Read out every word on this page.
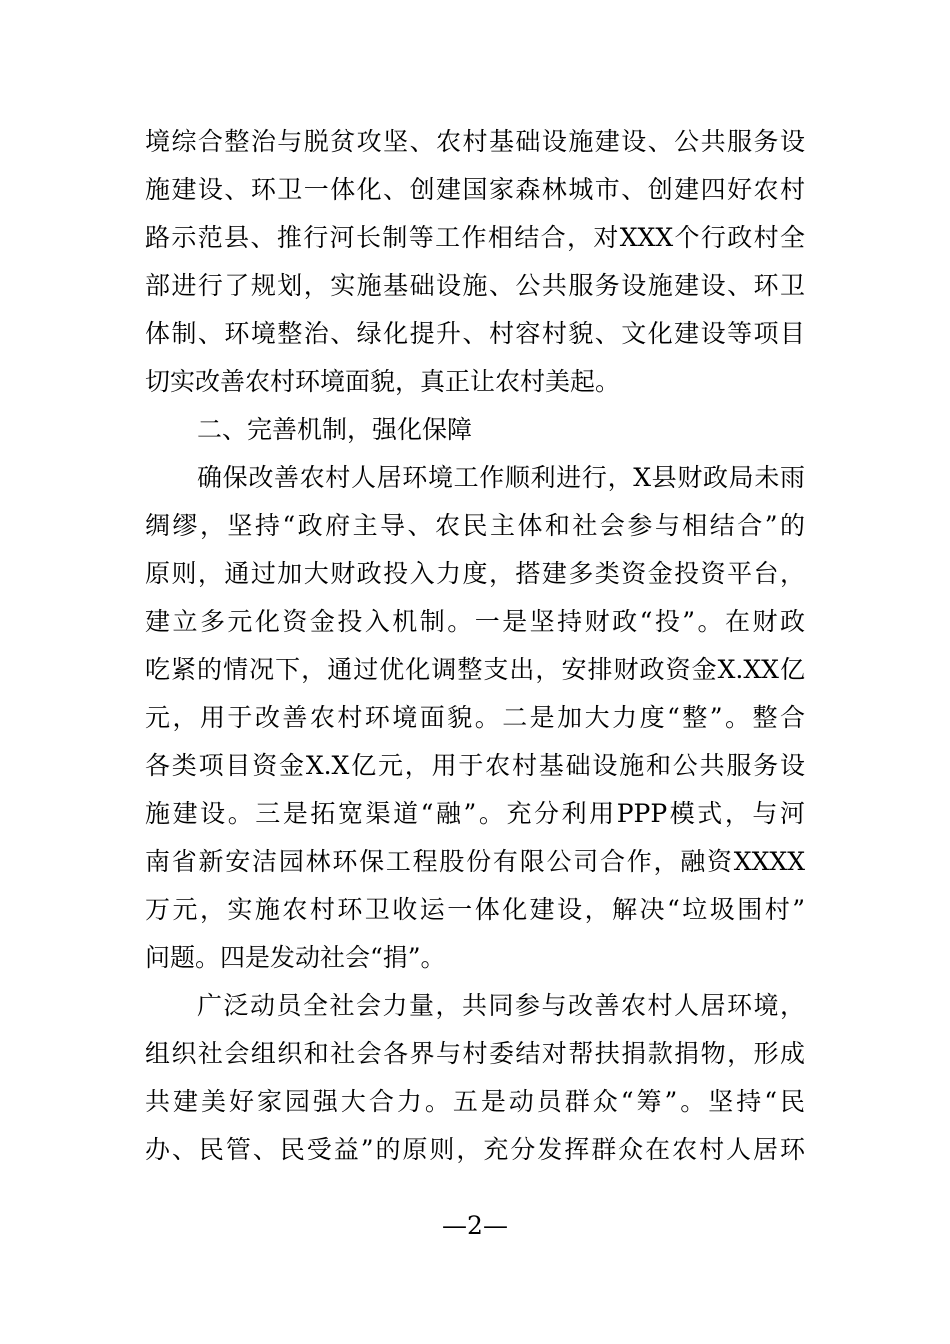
境综合整治与脱贫攻坚、农村基础设施建设、公共服务设
施建设、环卫一体化、创建国家森林城市、创建四好农村
路示范县、推行河长制等工作相结合，对XXX个行政村全
部进行了规划，实施基础设施、公共服务设施建设、环卫
体制、环境整治、绿化提升、村容村貌、文化建设等项目
切实改善农村环境面貌，真正让农村美起。
二、完善机制，强化保障
确保改善农村人居环境工作顺利进行，X县财政局未雨
绸缪，坚持“政府主导、农民主体和社会参与相结合”的
原则，通过加大财政投入力度，搭建多类资金投资平台，
建立多元化资金投入机制。一是坚持财政“投”。在财政
吃紧的情况下，通过优化调整支出，安排财政资金X.XX亿
元，用于改善农村环境面貌。二是加大力度“整”。整合
各类项目资金X.X亿元，用于农村基础设施和公共服务设
施建设。三是拓宽渠道“融”。充分利用PPP模式，与河
南省新安洁园林环保工程股份有限公司合作，融资XXXX
万元，实施农村环卫收运一体化建设，解决“垃圾围村”
问题。四是发动社会“捐”。
广泛动员全社会力量，共同参与改善农村人居环境，
组织社会组织和社会各界与村委结对帮扶捐款捐物，形成
共建美好家园强大合力。五是动员群众“筹”。坚持“民
办、民管、民受益”的原则，充分发挥群众在农村人居环
—2—
